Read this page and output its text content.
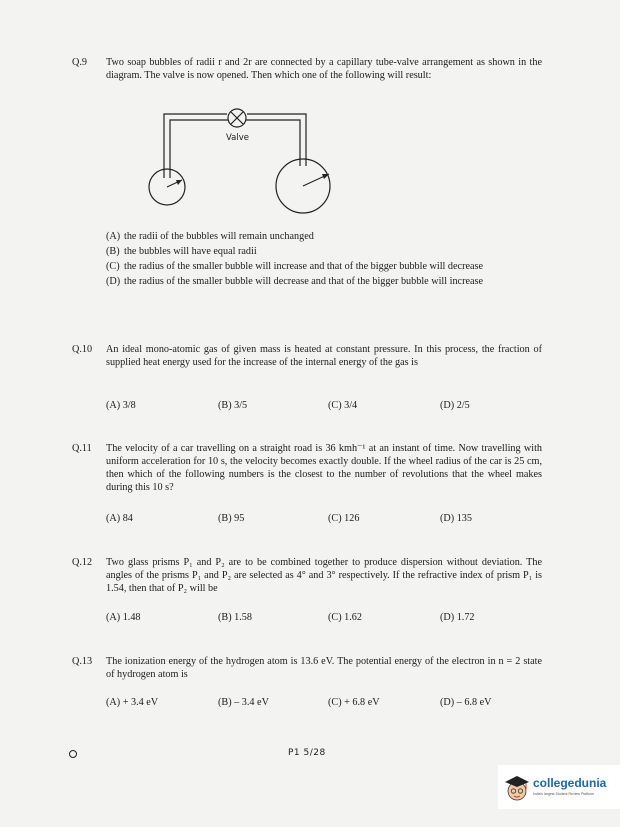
Q.9	Two soap bubbles of radii r and 2r are connected by a capillary tube-valve arrangement as shown in the diagram. The valve is now opened. Then which one of the following will result:
Valve
(A) the radii of the bubbles will remain unchanged
(B) the bubbles will have equal radii
(C) the radius of the smaller bubble will increase and that of the bigger bubble will decrease
(D) the radius of the smaller bubble will decrease and that of the bigger bubble will increase
Q.10	An ideal mono-atomic gas of given mass is heated at constant pressure. In this process, the fraction of supplied heat energy used for the increase of the internal energy of the gas is
(A) 3/8	(B) 3/5	(C) 3/4	(D) 2/5
Q.11	The velocity of a car travelling on a straight road is 36 kmh⁻¹ at an instant of time. Now travelling with uniform acceleration for 10 s, the velocity becomes exactly double. If the wheel radius of the car is 25 cm, then which of the following numbers is the closest to the number of revolutions that the wheel makes during this 10 s?
(A) 84	(B) 95	(C) 126	(D) 135
Q.12	Two glass prisms P₁ and P₂ are to be combined together to produce dispersion without deviation. The angles of the prisms P₁ and P₂ are selected as 4° and 3° respectively. If the refractive index of prism P₁ is 1.54, then that of P₂ will be
(A) 1.48	(B) 1.58	(C) 1.62	(D) 1.72
Q.13	The ionization energy of the hydrogen atom is 13.6 eV. The potential energy of the electron in n = 2 state of hydrogen atom is
(A) + 3.4 eV	(B) – 3.4 eV	(C) + 6.8 eV	(D) – 6.8 eV
P1 5/28
collegedunia
India's largest Student Review Platform
